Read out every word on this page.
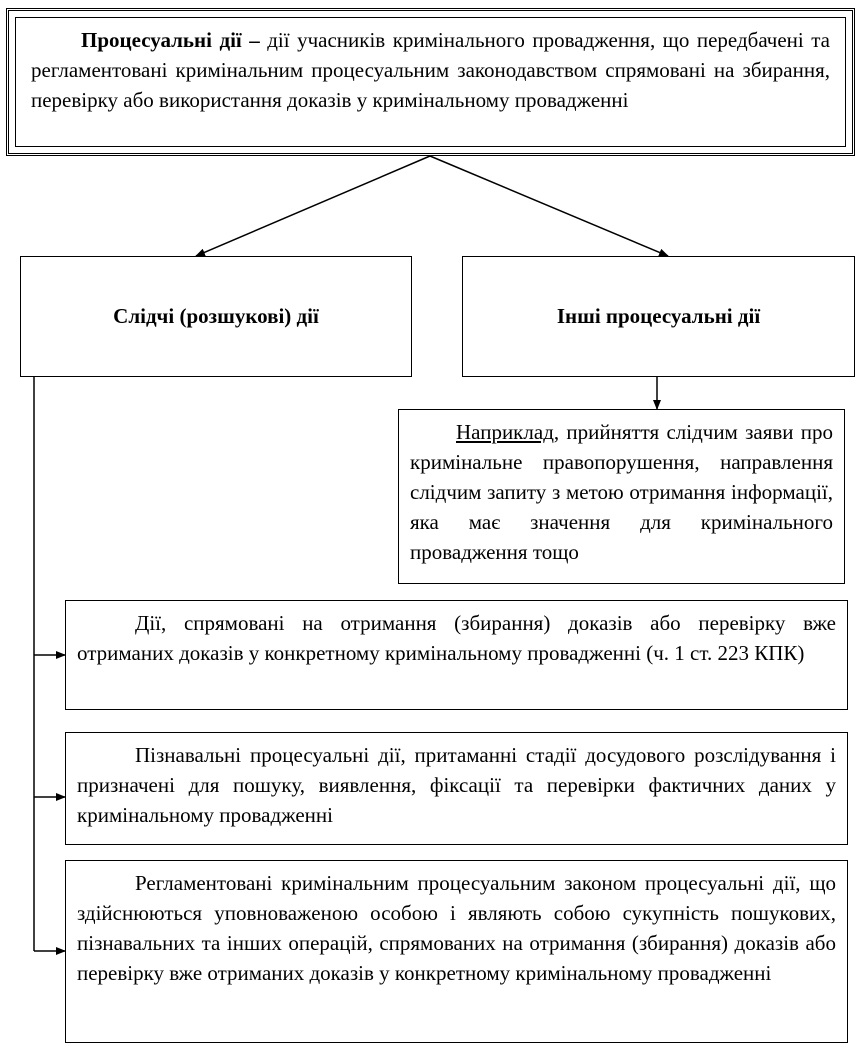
Процесуальні дії – дії учасників кримінального провадження, що передбачені та регламентовані кримінальним процесуальним законодавством спрямовані на збирання, перевірку або використання доказів у кримінальному провадженні

Слідчі (розшукові) дії	Інші процесуальні дії

Наприклад, прийняття слідчим заяви про кримінальне правопорушення, направлення слідчим запиту з метою отримання інформації, яка має значення для кримінального провадження тощо

Дії, спрямовані на отримання (збирання) доказів або перевірку вже отриманих доказів у конкретному кримінальному провадженні (ч. 1 ст. 223 КПК)

Пізнавальні процесуальні дії, притаманні стадії досудового розслідування і призначені для пошуку, виявлення, фіксації та перевірки фактичних даних у кримінальному провадженні

Регламентовані кримінальним процесуальним законом процесуальні дії, що здійснюються уповноваженою особою і являють собою сукупність пошукових, пізнавальних та інших операцій, спрямованих на отримання (збирання) доказів або перевірку вже отриманих доказів у конкретному кримінальному провадженні
